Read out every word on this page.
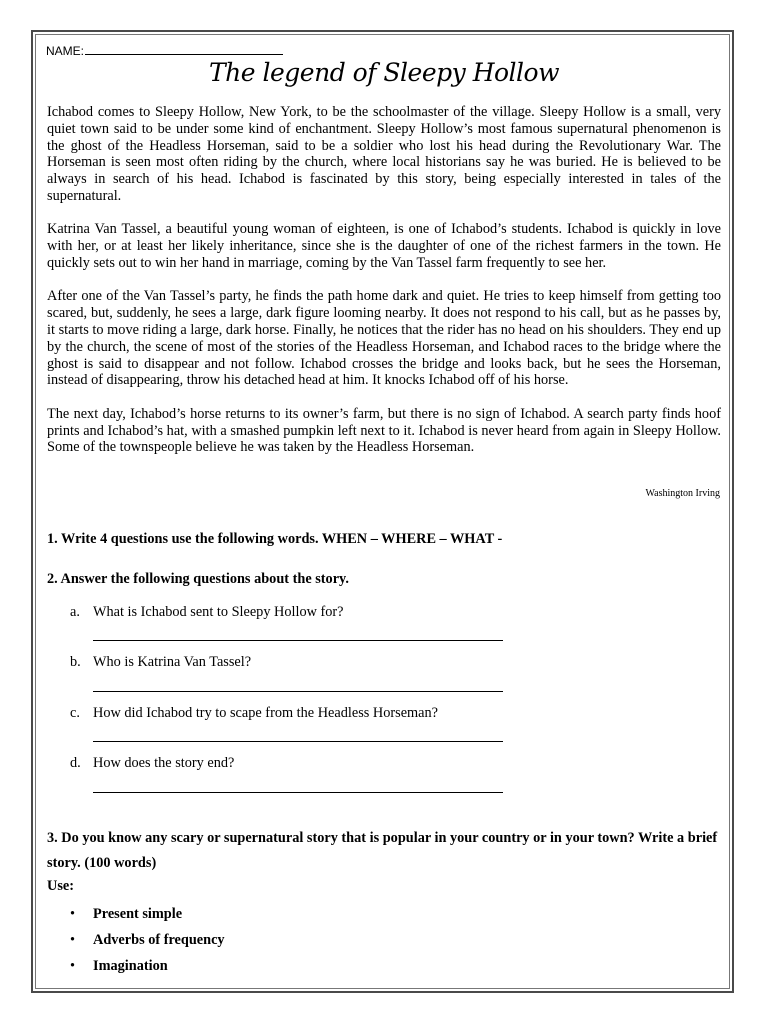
NAME:
The legend of Sleepy Hollow

Ichabod comes to Sleepy Hollow, New York, to be the schoolmaster of the village. Sleepy Hollow is a small, very quiet town said to be under some kind of enchantment. Sleepy Hollow’s most famous supernatural phenomenon is the ghost of the Headless Horseman, said to be a soldier who lost his head during the Revolutionary War. The Horseman is seen most often riding by the church, where local historians say he was buried. He is believed to be always in search of his head. Ichabod is fascinated by this story, being especially interested in tales of the supernatural.

Katrina Van Tassel, a beautiful young woman of eighteen, is one of Ichabod’s students. Ichabod is quickly in love with her, or at least her likely inheritance, since she is the daughter of one of the richest farmers in the town. He quickly sets out to win her hand in marriage, coming by the Van Tassel farm frequently to see her.

After one of the Van Tassel’s party, he finds the path home dark and quiet. He tries to keep himself from getting too scared, but, suddenly, he sees a large, dark figure looming nearby. It does not respond to his call, but as he passes by, it starts to move riding a large, dark horse. Finally, he notices that the rider has no head on his shoulders. They end up by the church, the scene of most of the stories of the Headless Horseman, and Ichabod races to the bridge where the ghost is said to disappear and not follow. Ichabod crosses the bridge and looks back, but he sees the Horseman, instead of disappearing, throw his detached head at him. It knocks Ichabod off of his horse.

The next day, Ichabod’s horse returns to its owner’s farm, but there is no sign of Ichabod. A search party finds hoof prints and Ichabod’s hat, with a smashed pumpkin left next to it. Ichabod is never heard from again in Sleepy Hollow. Some of the townspeople believe he was taken by the Headless Horseman.

Washington Irving
1. Write 4 questions use the following words. WHEN – WHERE – WHAT -
2. Answer the following questions about the story.
a. What is Ichabod sent to Sleepy Hollow for?
b. Who is Katrina Van Tassel?
c. How did Ichabod try to scape from the Headless Horseman?
d. How does the story end?
3. Do you know any scary or supernatural story that is popular in your country or in your town? Write a brief story. (100 words)
Use:
• Present simple
• Adverbs of frequency
• Imagination
